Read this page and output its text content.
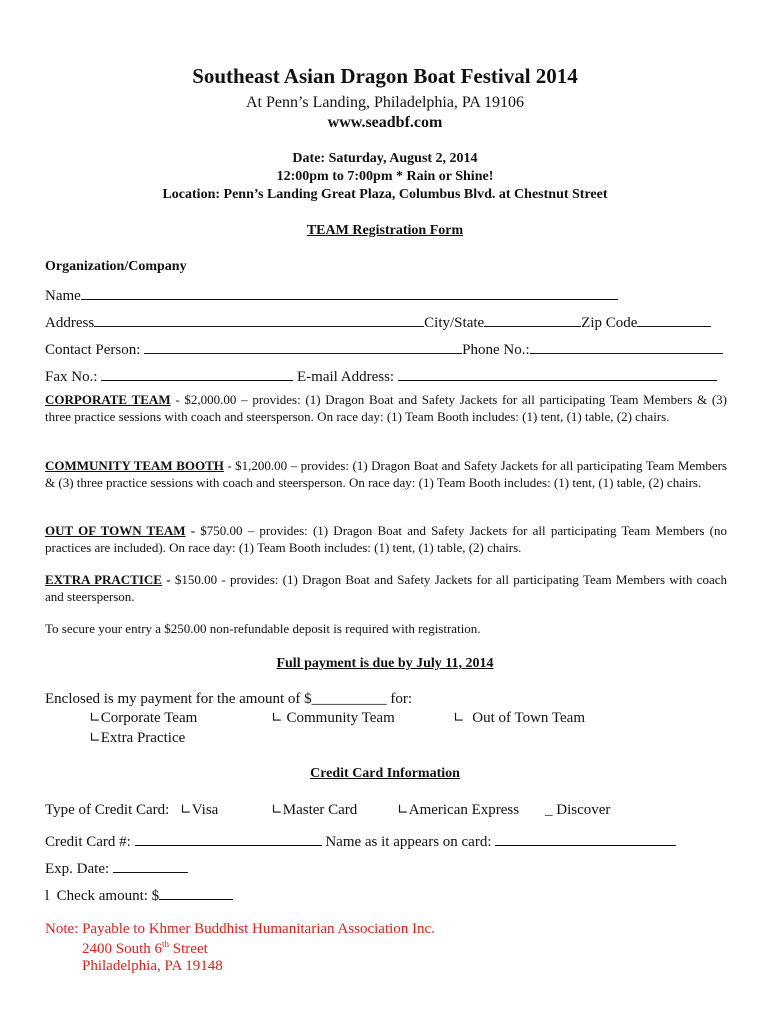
Southeast Asian Dragon Boat Festival 2014
At Penn’s Landing, Philadelphia, PA 19106
www.seadbf.com
Date: Saturday, August 2, 2014
12:00pm to 7:00pm * Rain or Shine!
Location: Penn’s Landing Great Plaza, Columbus Blvd. at Chestnut Street
TEAM Registration Form
Organization/Company
Name
Address	City/State	Zip Code
Contact Person:	Phone No.:
Fax No.:	E-mail Address:
CORPORATE TEAM - $2,000.00 – provides: (1) Dragon Boat and Safety Jackets for all participating Team Members & (3) three practice sessions with coach and steersperson. On race day: (1) Team Booth includes: (1) tent, (1) table, (2) chairs.
COMMUNITY TEAM BOOTH - $1,200.00 – provides: (1) Dragon Boat and Safety Jackets for all participating Team Members & (3) three practice sessions with coach and steersperson. On race day: (1) Team Booth includes: (1) tent, (1) table, (2) chairs.
OUT OF TOWN TEAM - $750.00 – provides: (1) Dragon Boat and Safety Jackets for all participating Team Members (no practices are included). On race day: (1) Team Booth includes: (1) tent, (1) table, (2) chairs.
EXTRA PRACTICE - $150.00 - provides: (1) Dragon Boat and Safety Jackets for all participating Team Members with coach and steersperson.
To secure your entry a $250.00 non-refundable deposit is required with registration.
Full payment is due by July 11, 2014
Enclosed is my payment for the amount of $__________ for:
∟Corporate Team	∟ Community Team	∟ Out of Town Team
∟Extra Practice
Credit Card Information
Type of Credit Card: ∟Visa	∟Master Card	∟American Express _ Discover
Credit Card #:	Name as it appears on card:
Exp. Date:
l Check amount: $
Note: Payable to Khmer Buddhist Humanitarian Association Inc.
2400 South 6th Street
Philadelphia, PA 19148
